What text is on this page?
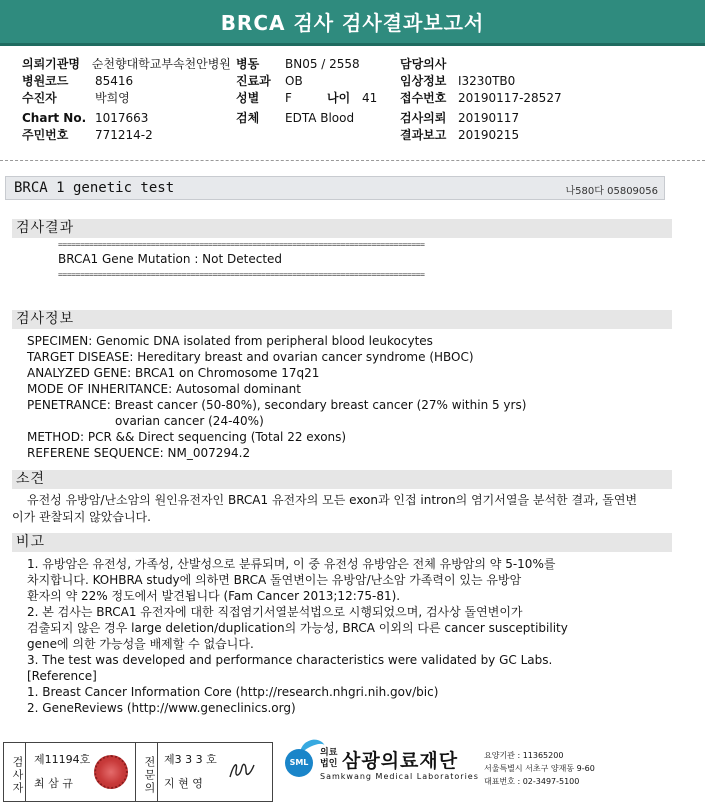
BRCA 검사 검사결과보고서
의뢰기관명 순천향대학교부속천안병원 병동 BN05 / 2558	담당의사
병원코드 85416	진료과 OB	임상정보 I3230TB0
수진자	박희영	성별 F	나이 41 접수번호 20190117-28527
Chart No. 1017663	검체 EDTA Blood	검사의뢰 20190117
주민번호 771214-2	결과보고 20190215
BRCA 1 genetic test	나580다 05809056
검사결과
===================================================================================
BRCA1 Gene Mutation : Not Detected
===================================================================================
검사정보
SPECIMEN: Genomic DNA isolated from peripheral blood leukocytes
TARGET DISEASE: Hereditary breast and ovarian cancer syndrome (HBOC)
ANALYZED GENE: BRCA1 on Chromosome 17q21
MODE OF INHERITANCE: Autosomal dominant
PENETRANCE: Breast cancer (50-80%), secondary breast cancer (27% within 5 yrs)
ovarian cancer (24-40%)
METHOD: PCR && Direct sequencing (Total 22 exons)
REFERENE SEQUENCE: NM_007294.2
소견
유전성 유방암/난소암의 원인유전자인 BRCA1 유전자의 모든 exon과 인접 intron의 염기서열을 분석한 결과, 돌연변
이가 관찰되지 않았습니다.
비고
1. 유방암은 유전성, 가족성, 산발성으로 분류되며, 이 중 유전성 유방암은 전체 유방암의 약 5-10%를
차지합니다. KOHBRA study에 의하면 BRCA 돌연변이는 유방암/난소암 가족력이 있는 유방암
환자의 약 22% 정도에서 발견됩니다 (Fam Cancer 2013;12:75-81).
2. 본 검사는 BRCA1 유전자에 대한 직접염기서열분석법으로 시행되었으며, 검사상 돌연변이가
검출되지 않은 경우 large deletion/duplication의 가능성, BRCA 이외의 다른 cancer susceptibility
gene에 의한 가능성을 배제할 수 없습니다.
3. The test was developed and performance characteristics were validated by GC Labs.
[Reference]
1. Breast Cancer Information Core (http://research.nhgri.nih.gov/bic)
2. GeneReviews (http://www.geneclinics.org)
검사자 제11194호
최 삼 규	전문의 제3 3 3 호
지 현 영
SML
의료
법인 삼광의료재단
Samkwang Medical Laboratories
요양기관 : 11365200
서울특별시 서초구 양재동 9-60
대표번호 : 02-3497-5100
